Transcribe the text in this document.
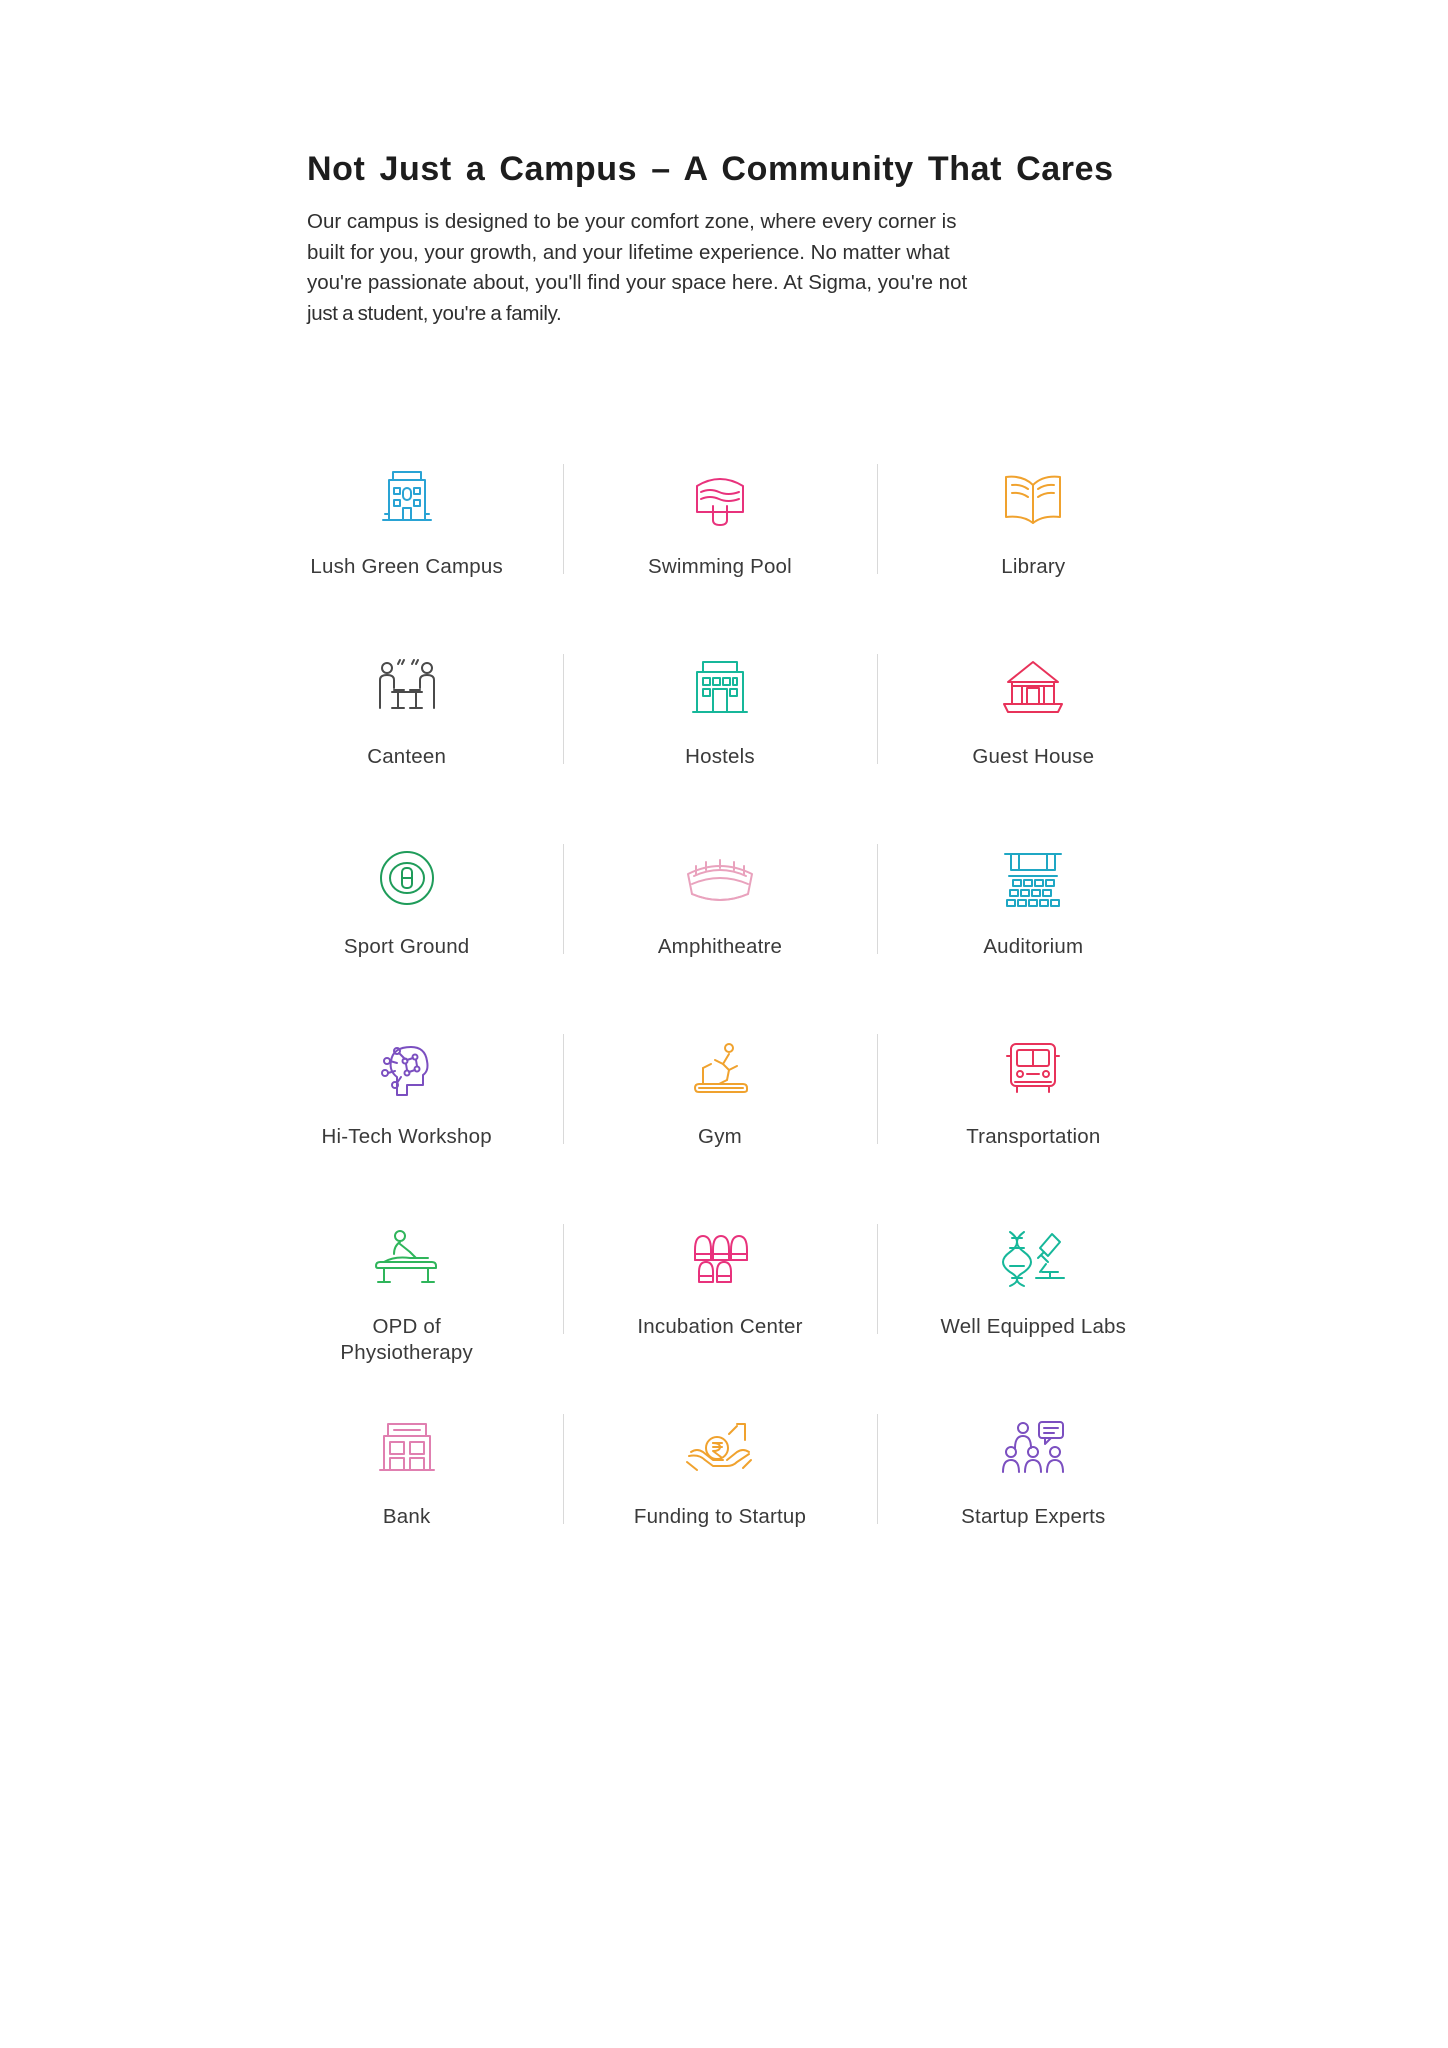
Not Just a Campus – A Community That Cares

Our campus is designed to be your comfort zone, where every corner is
built for you, your growth, and your lifetime experience. No matter what
you're passionate about, you'll find your space here. At Sigma, you're not
just a student, you're a family.

Lush Green Campus	Swimming Pool	Library
Canteen	Hostels	Guest House
Sport Ground	Amphitheatre	Auditorium
Hi-Tech Workshop	Gym	Transportation
OPD of Physiotherapy
Incubation Center	Well Equipped Labs
Bank	Funding to Startup	Startup Experts
